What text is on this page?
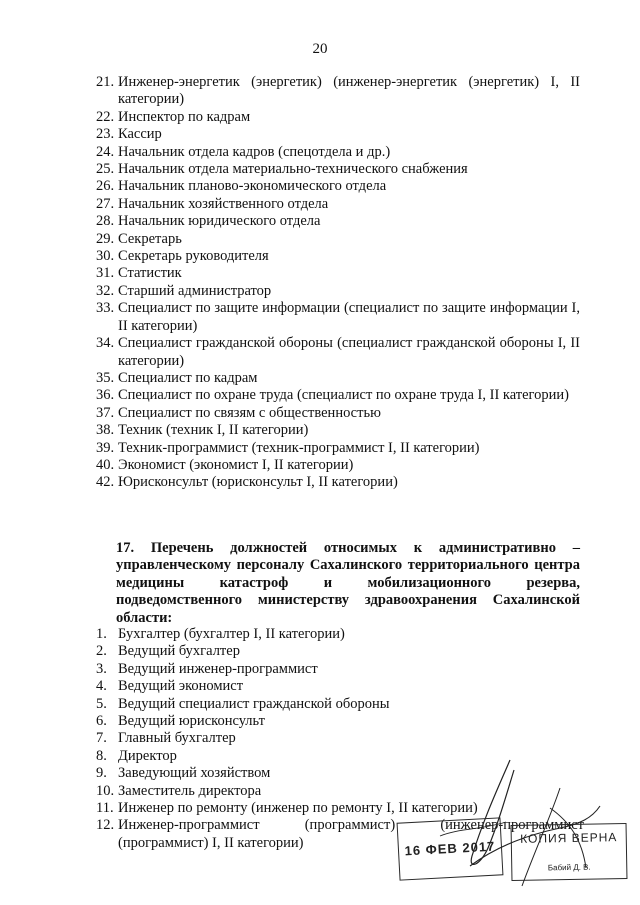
20
21. Инженер-энергетик (энергетик) (инженер-энергетик (энергетик) I, II категории)
22. Инспектор по кадрам
23. Кассир
24. Начальник отдела кадров (спецотдела и др.)
25. Начальник отдела материально-технического снабжения
26. Начальник планово-экономического отдела
27. Начальник хозяйственного отдела
28. Начальник юридического отдела
29. Секретарь
30. Секретарь руководителя
31. Статистик
32. Старший администратор
33. Специалист по защите информации (специалист по защите информации I, II категории)
34. Специалист гражданской обороны (специалист гражданской обороны I, II категории)
35. Специалист по кадрам
36. Специалист по охране труда (специалист по охране труда I, II категории)
37. Специалист по связям с общественностью
38. Техник (техник I, II категории)
39. Техник-программист (техник-программист I, II категории)
40. Экономист (экономист I, II категории)
42. Юрисконсульт (юрисконсульт I, II категории)

17. Перечень должностей относимых к административно – управленческому персоналу Сахалинского территориального центра медицины катастроф и мобилизационного резерва, подведомственного министерству здравоохранения Сахалинской области:

1. Бухгалтер (бухгалтер I, II категории)
2. Ведущий бухгалтер
3. Ведущий инженер-программист
4. Ведущий экономист
5. Ведущий специалист гражданской обороны
6. Ведущий юрисконсульт
7. Главный бухгалтер
8. Директор
9. Заведующий хозяйством
10. Заместитель директора
11. Инженер по ремонту (инженер по ремонту I, II категории)
12. Инженер-программист (программист) (инженер-программист (программист) I, II категории)	16 ФЕВ 2017
КОПИЯ ВЕРНА
Бабий Д. В.
